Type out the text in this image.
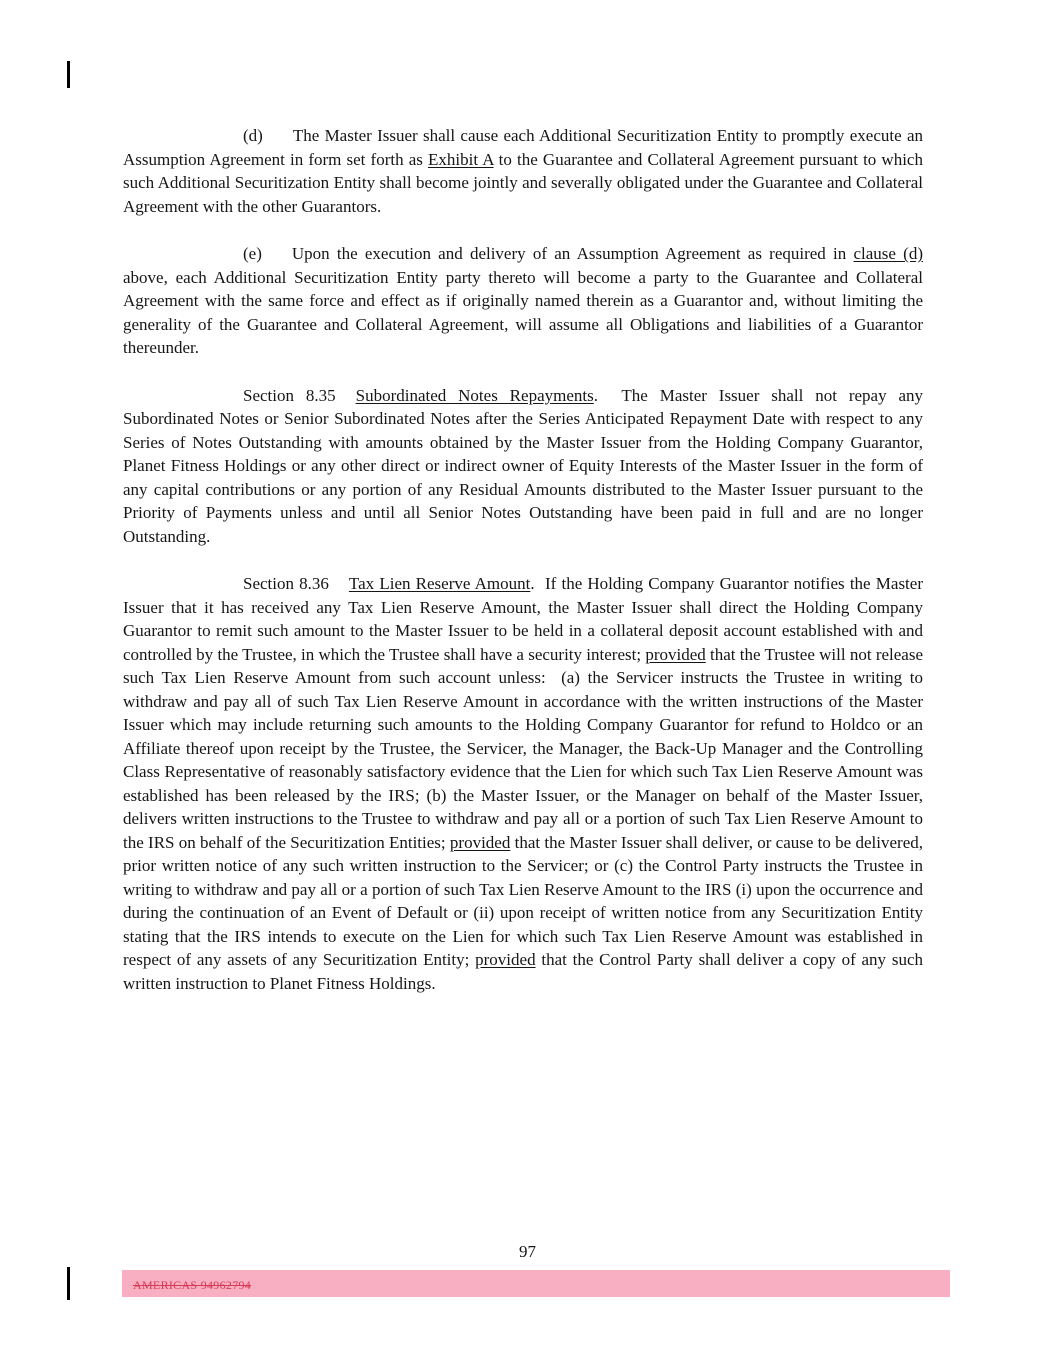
(d) The Master Issuer shall cause each Additional Securitization Entity to promptly execute an Assumption Agreement in form set forth as Exhibit A to the Guarantee and Collateral Agreement pursuant to which such Additional Securitization Entity shall become jointly and severally obligated under the Guarantee and Collateral Agreement with the other Guarantors.

(e) Upon the execution and delivery of an Assumption Agreement as required in clause (d) above, each Additional Securitization Entity party thereto will become a party to the Guarantee and Collateral Agreement with the same force and effect as if originally named therein as a Guarantor and, without limiting the generality of the Guarantee and Collateral Agreement, will assume all Obligations and liabilities of a Guarantor thereunder.

Section 8.35 Subordinated Notes Repayments.  The Master Issuer shall not repay any Subordinated Notes or Senior Subordinated Notes after the Series Anticipated Repayment Date with respect to any Series of Notes Outstanding with amounts obtained by the Master Issuer from the Holding Company Guarantor, Planet Fitness Holdings or any other direct or indirect owner of Equity Interests of the Master Issuer in the form of any capital contributions or any portion of any Residual Amounts distributed to the Master Issuer pursuant to the Priority of Payments unless and until all Senior Notes Outstanding have been paid in full and are no longer Outstanding.

Section 8.36 Tax Lien Reserve Amount.  If the Holding Company Guarantor notifies the Master Issuer that it has received any Tax Lien Reserve Amount, the Master Issuer shall direct the Holding Company Guarantor to remit such amount to the Master Issuer to be held in a collateral deposit account established with and controlled by the Trustee, in which the Trustee shall have a security interest; provided that the Trustee will not release such Tax Lien Reserve Amount from such account unless:  (a) the Servicer instructs the Trustee in writing to withdraw and pay all of such Tax Lien Reserve Amount in accordance with the written instructions of the Master Issuer which may include returning such amounts to the Holding Company Guarantor for refund to Holdco or an Affiliate thereof upon receipt by the Trustee, the Servicer, the Manager, the Back-Up Manager and the Controlling Class Representative of reasonably satisfactory evidence that the Lien for which such Tax Lien Reserve Amount was established has been released by the IRS; (b) the Master Issuer, or the Manager on behalf of the Master Issuer, delivers written instructions to the Trustee to withdraw and pay all or a portion of such Tax Lien Reserve Amount to the IRS on behalf of the Securitization Entities; provided that the Master Issuer shall deliver, or cause to be delivered, prior written notice of any such written instruction to the Servicer; or (c) the Control Party instructs the Trustee in writing to withdraw and pay all or a portion of such Tax Lien Reserve Amount to the IRS (i) upon the occurrence and during the continuation of an Event of Default or (ii) upon receipt of written notice from any Securitization Entity stating that the IRS intends to execute on the Lien for which such Tax Lien Reserve Amount was established in respect of any assets of any Securitization Entity; provided that the Control Party shall deliver a copy of any such written instruction to Planet Fitness Holdings.

97
AMERICAS 94962794
